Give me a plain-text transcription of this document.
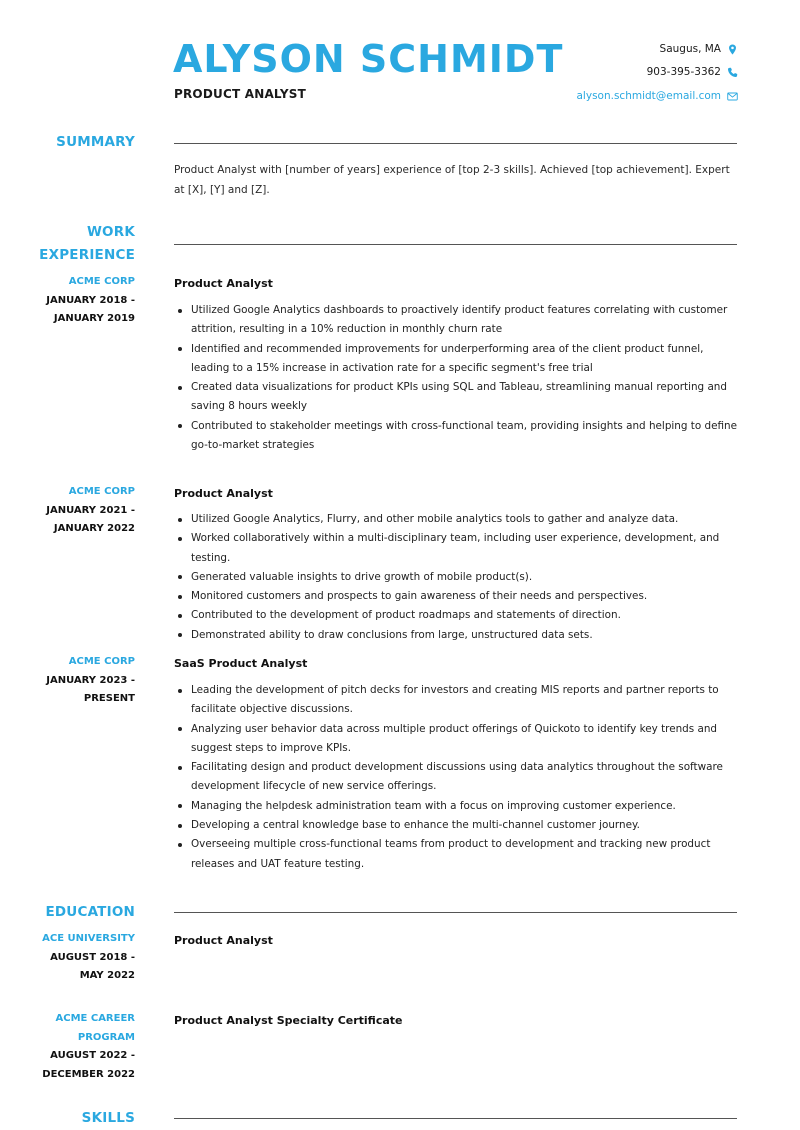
ALYSON SCHMIDT
PRODUCT ANALYST
Saugus, MA
903-395-3362
alyson.schmidt@email.com
SUMMARY
Product Analyst with [number of years] experience of [top 2-3 skills]. Achieved [top achievement]. Expert at [X], [Y] and [Z].
WORK
EXPERIENCE
ACME CORP
JANUARY 2018 -
JANUARY 2019
Product Analyst
Utilized Google Analytics dashboards to proactively identify product features correlating with customer attrition, resulting in a 10% reduction in monthly churn rate
Identified and recommended improvements for underperforming area of the client product funnel, leading to a 15% increase in activation rate for a specific segment's free trial
Created data visualizations for product KPIs using SQL and Tableau, streamlining manual reporting and saving 8 hours weekly
Contributed to stakeholder meetings with cross-functional team, providing insights and helping to define go-to-market strategies
ACME CORP
JANUARY 2021 -
JANUARY 2022
Product Analyst
Utilized Google Analytics, Flurry, and other mobile analytics tools to gather and analyze data.
Worked collaboratively within a multi-disciplinary team, including user experience, development, and testing.
Generated valuable insights to drive growth of mobile product(s).
Monitored customers and prospects to gain awareness of their needs and perspectives.
Contributed to the development of product roadmaps and statements of direction.
Demonstrated ability to draw conclusions from large, unstructured data sets.
ACME CORP
JANUARY 2023 -
PRESENT
SaaS Product Analyst
Leading the development of pitch decks for investors and creating MIS reports and partner reports to facilitate objective discussions.
Analyzing user behavior data across multiple product offerings of Quickoto to identify key trends and suggest steps to improve KPIs.
Facilitating design and product development discussions using data analytics throughout the software development lifecycle of new service offerings.
Managing the helpdesk administration team with a focus on improving customer experience.
Developing a central knowledge base to enhance the multi-channel customer journey.
Overseeing multiple cross-functional teams from product to development and tracking new product releases and UAT feature testing.
EDUCATION
ACE UNIVERSITY
AUGUST 2018 -
MAY 2022
Product Analyst
ACME CAREER
PROGRAM
AUGUST 2022 -
DECEMBER 2022
Product Analyst Specialty Certificate
SKILLS
